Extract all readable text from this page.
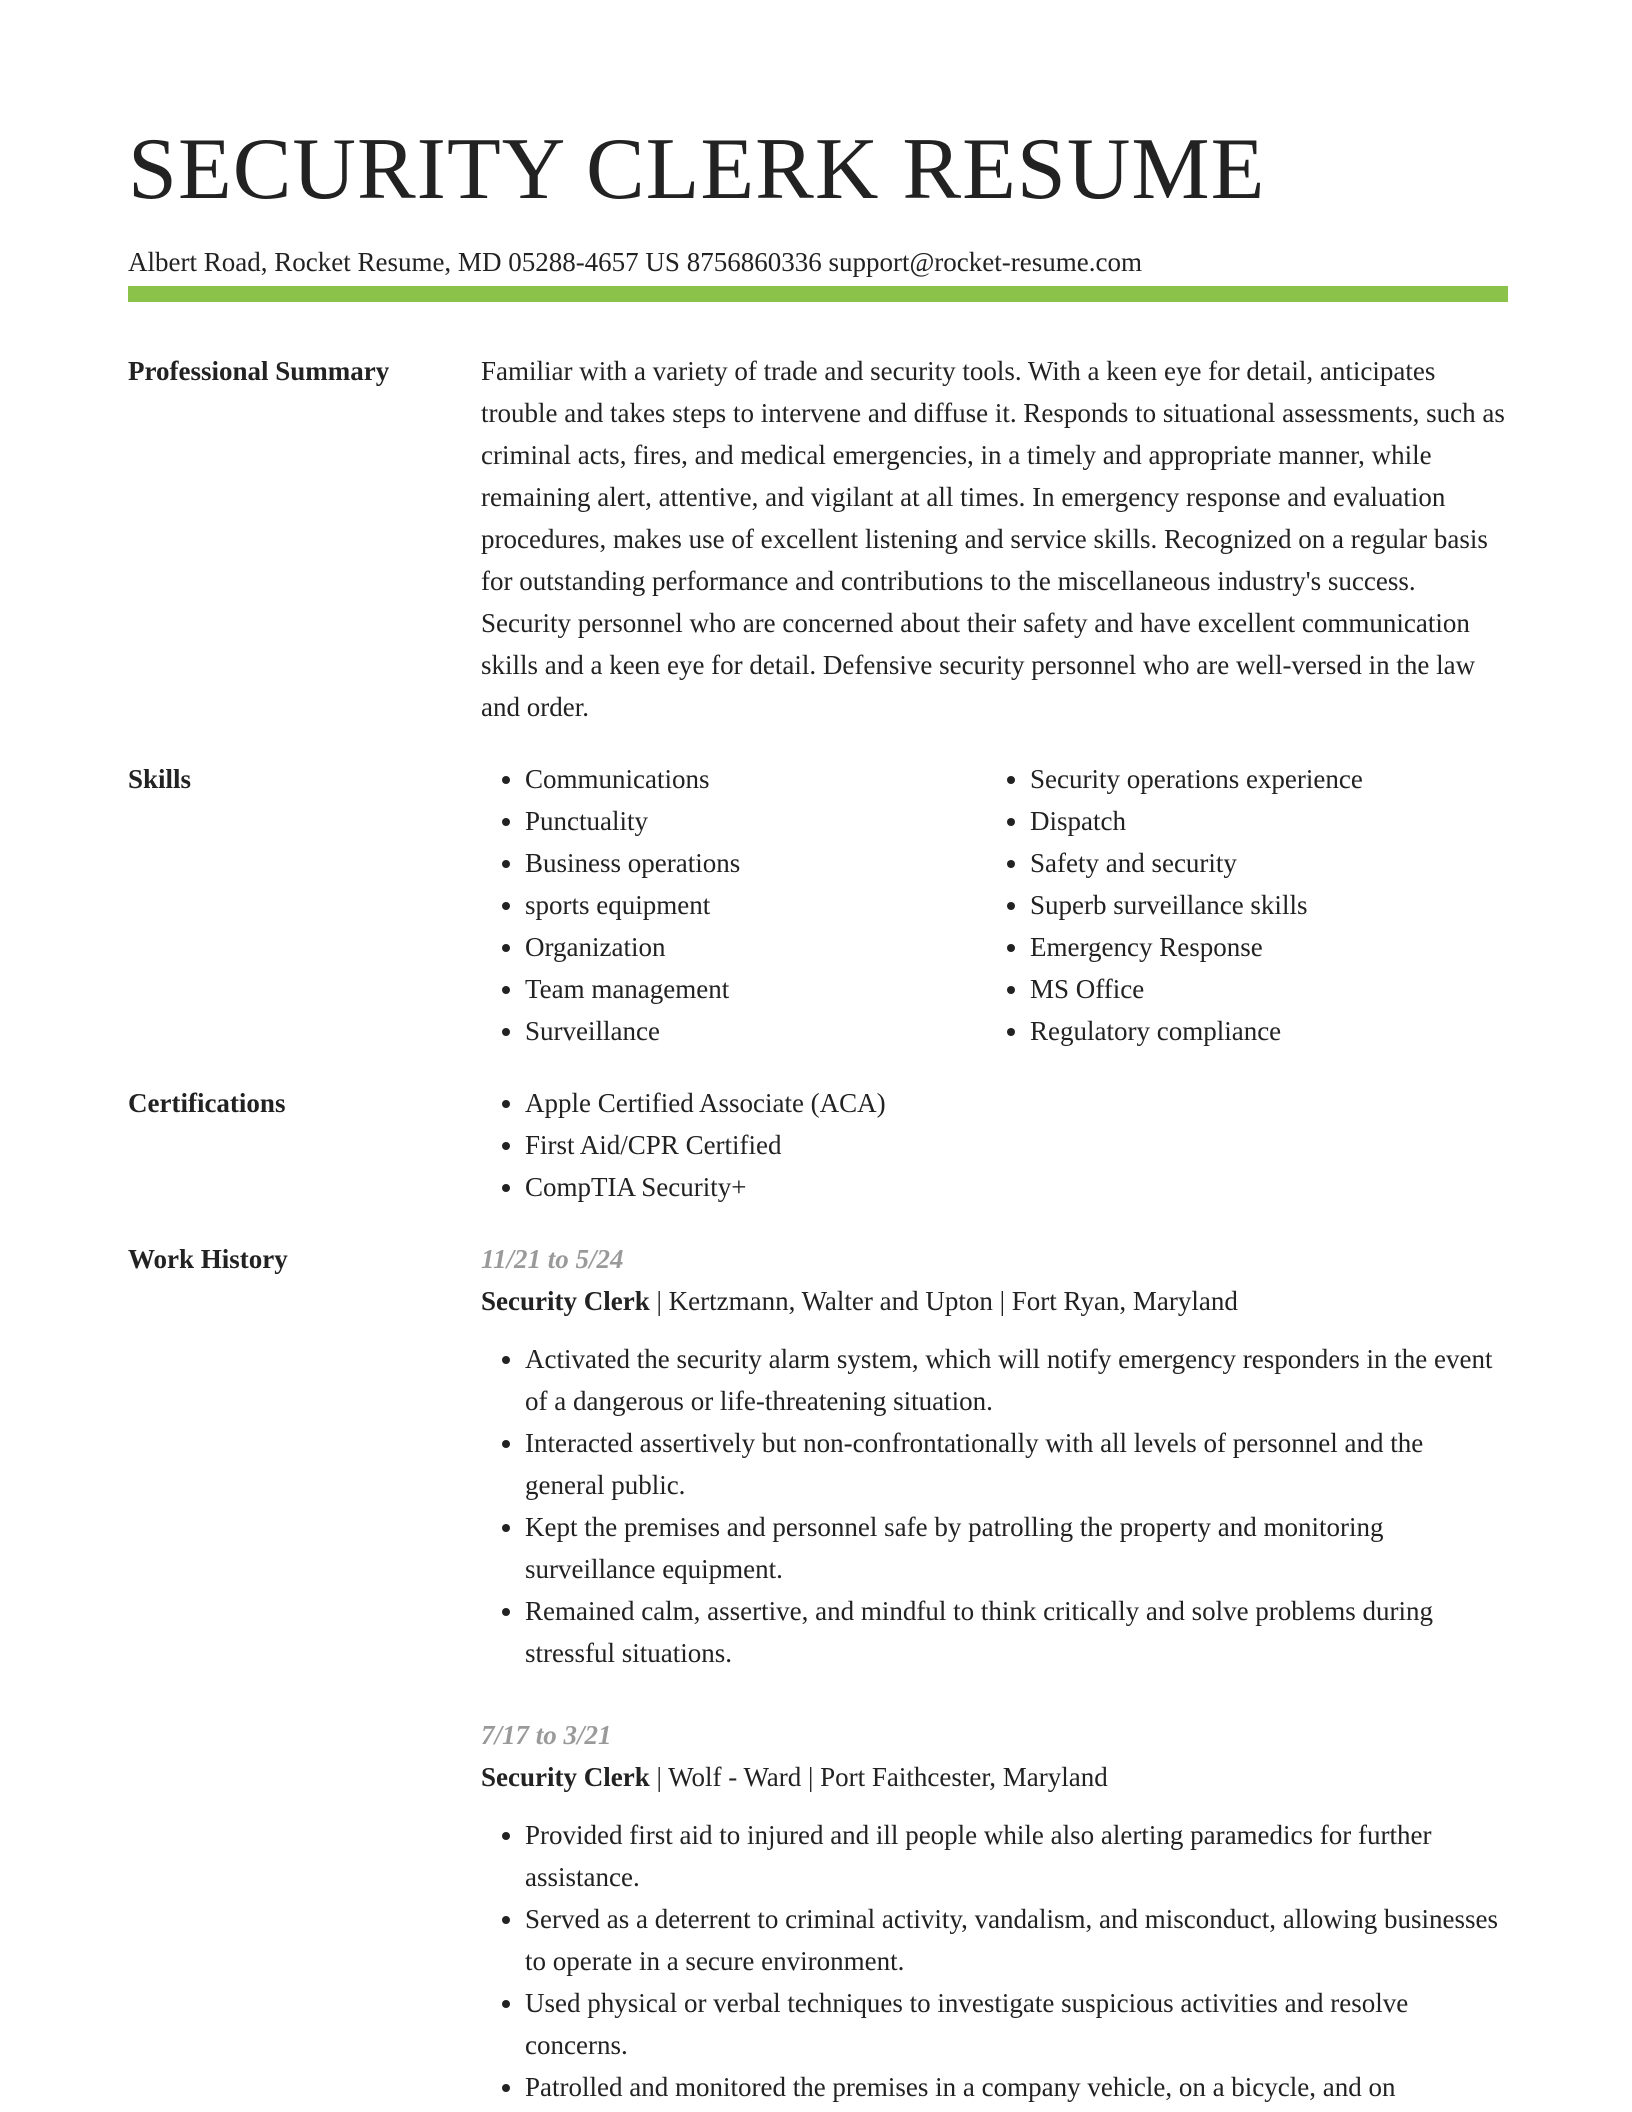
SECURITY CLERK RESUME
Albert Road, Rocket Resume, MD 05288-4657 US 8756860336 support@rocket-resume.com
Professional Summary	Familiar with a variety of trade and security tools. With a keen eye for detail, anticipates trouble and takes steps to intervene and diffuse it. Responds to situational assessments, such as criminal acts, fires, and medical emergencies, in a timely and appropriate manner, while remaining alert, attentive, and vigilant at all times. In emergency response and evaluation procedures, makes use of excellent listening and service skills. Recognized on a regular basis for outstanding performance and contributions to the miscellaneous industry's success. Security personnel who are concerned about their safety and have excellent communication skills and a keen eye for detail. Defensive security personnel who are well-versed in the law and order.

Skills	• Communications
• Punctuality
• Business operations
• sports equipment
• Organization
• Team management
• Surveillance
• Security operations experience
• Dispatch
• Safety and security
• Superb surveillance skills
• Emergency Response
• MS Office
• Regulatory compliance
Certifications	• Apple Certified Associate (ACA)
• First Aid/CPR Certified
• CompTIA Security+
Work History	11/21 to 5/24
Security Clerk | Kertzmann, Walter and Upton | Fort Ryan, Maryland
• Activated the security alarm system, which will notify emergency responders in the event of a dangerous or life-threatening situation.
• Interacted assertively but non-confrontationally with all levels of personnel and the general public.
• Kept the premises and personnel safe by patrolling the property and monitoring surveillance equipment.
• Remained calm, assertive, and mindful to think critically and solve problems during stressful situations.
7/17 to 3/21
Security Clerk | Wolf - Ward | Port Faithcester, Maryland
• Provided first aid to injured and ill people while also alerting paramedics for further assistance.
• Served as a deterrent to criminal activity, vandalism, and misconduct, allowing businesses to operate in a secure environment.
• Used physical or verbal techniques to investigate suspicious activities and resolve concerns.
• Patrolled and monitored the premises in a company vehicle, on a bicycle, and on
